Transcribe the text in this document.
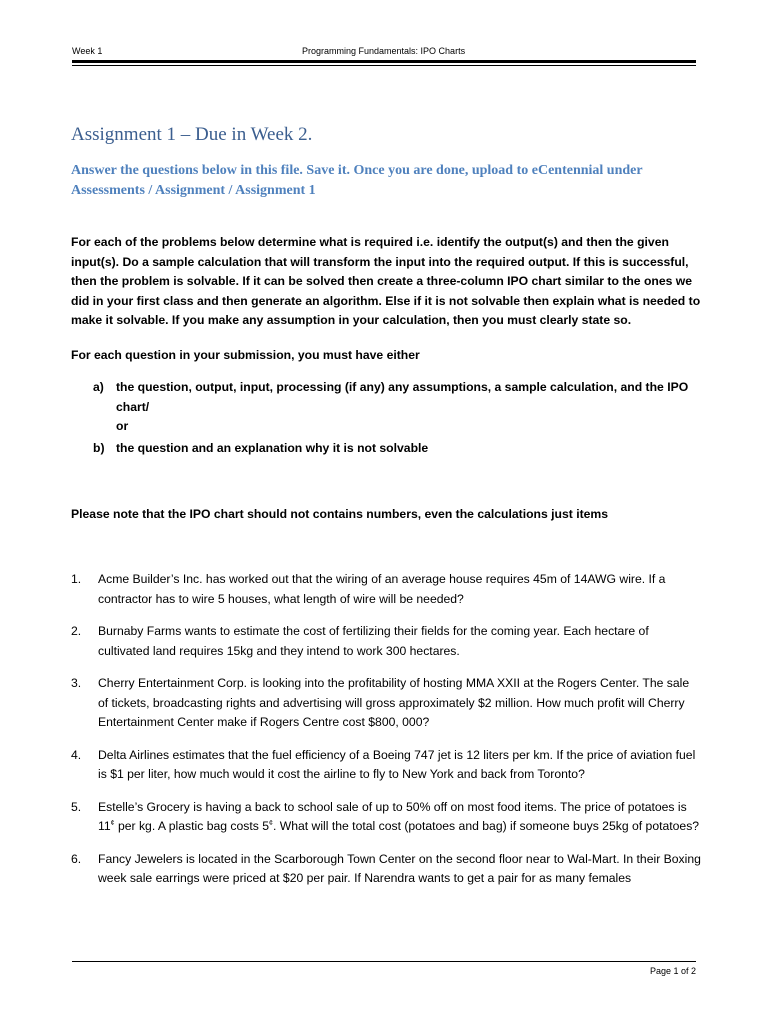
Week 1	Programming Fundamentals: IPO Charts
Assignment 1 – Due in Week 2.

Answer the questions below in this file. Save it. Once you are done, upload to eCentennial under Assessments / Assignment / Assignment 1

For each of the problems below determine what is required i.e. identify the output(s) and then the given input(s). Do a sample calculation that will transform the input into the required output. If this is successful, then the problem is solvable. If it can be solved then create a three-column IPO chart similar to the ones we did in your first class and then generate an algorithm. Else if it is not solvable then explain what is needed to make it solvable. If you make any assumption in your calculation, then you must clearly state so.

For each question in your submission, you must have either

a) the question, output, input, processing (if any) any assumptions, a sample calculation, and the IPO chart/
or
b) the question and an explanation why it is not solvable

Please note that the IPO chart should not contains numbers, even the calculations just items

1. Acme Builder’s Inc. has worked out that the wiring of an average house requires 45m of 14AWG wire. If a contractor has to wire 5 houses, what length of wire will be needed?
2. Burnaby Farms wants to estimate the cost of fertilizing their fields for the coming year. Each hectare of cultivated land requires 15kg and they intend to work 300 hectares.
3. Cherry Entertainment Corp. is looking into the profitability of hosting MMA XXII at the Rogers Center. The sale of tickets, broadcasting rights and advertising will gross approximately $2 million. How much profit will Cherry Entertainment Center make if Rogers Centre cost $800, 000?
4. Delta Airlines estimates that the fuel efficiency of a Boeing 747 jet is 12 liters per km. If the price of aviation fuel is $1 per liter, how much would it cost the airline to fly to New York and back from Toronto?
5. Estelle’s Grocery is having a back to school sale of up to 50% off on most food items. The price of potatoes is 11¢ per kg. A plastic bag costs 5¢. What will the total cost (potatoes and bag) if someone buys 25kg of potatoes?
6. Fancy Jewelers is located in the Scarborough Town Center on the second floor near to Wal-Mart. In their Boxing week sale earrings were priced at $20 per pair. If Narendra wants to get a pair for as many females
Page 1 of 2
